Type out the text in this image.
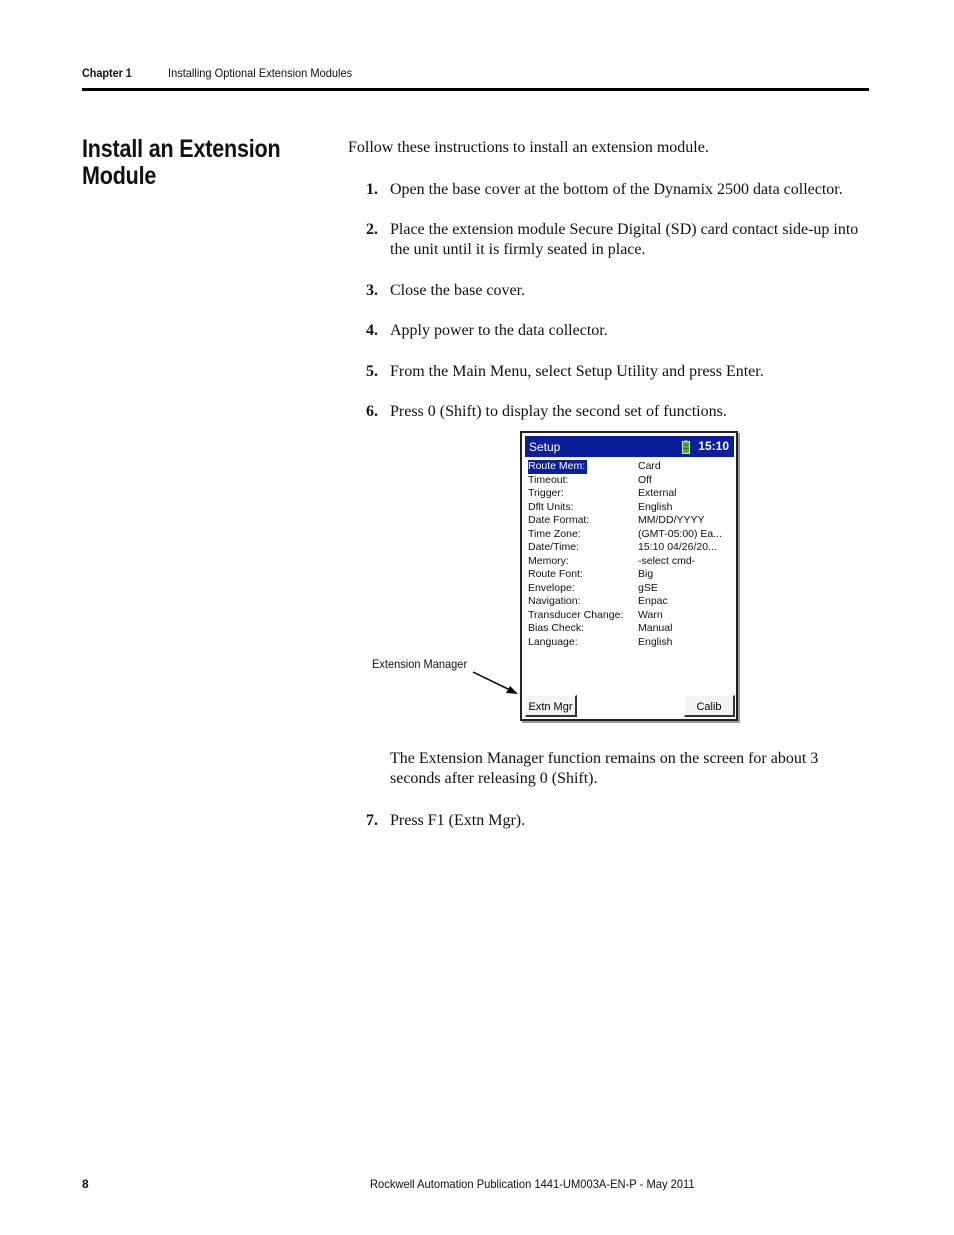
Chapter 1	Installing Optional Extension Modules
Install an Extension Module
Follow these instructions to install an extension module.
1. Open the base cover at the bottom of the Dynamix 2500 data collector.
2. Place the extension module Secure Digital (SD) card contact side-up into the unit until it is firmly seated in place.
3. Close the base cover.
4. Apply power to the data collector.
5. From the Main Menu, select Setup Utility and press Enter.
6. Press 0 (Shift) to display the second set of functions.
Extension Manager
Setup	15:10
Route Mem:	Card
Timeout:	Off
Trigger:	External
Dflt Units:	English
Date Format:	MM/DD/YYYY
Time Zone:	(GMT-05:00) Ea...
Date/Time:	15:10 04/26/20...
Memory:	-select cmd-
Route Font:	Big
Envelope:	gSE
Navigation:	Enpac
Transducer Change: Warn
Bias Check:	Manual
Language:	English
Extn Mgr	Calib
The Extension Manager function remains on the screen for about 3 seconds after releasing 0 (Shift).
7. Press F1 (Extn Mgr).
8	Rockwell Automation Publication 1441-UM003A-EN-P - May 2011
